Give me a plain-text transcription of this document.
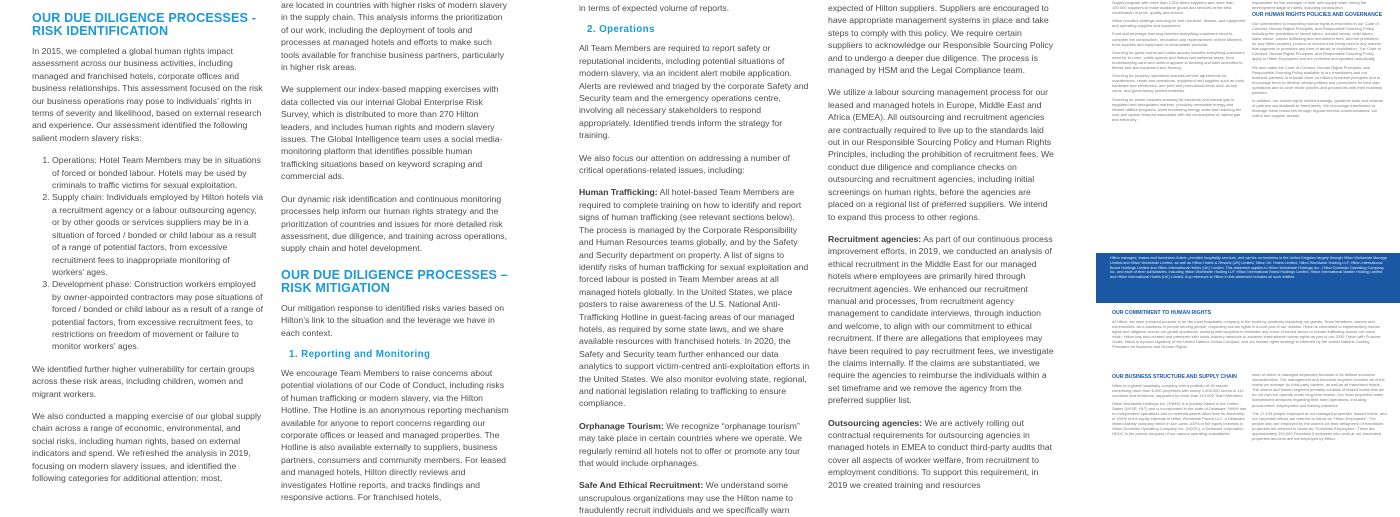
OUR DUE DILIGENCE PROCESSES - RISK IDENTIFICATION

In 2015, we completed a global human rights impact assessment across our business activities, including managed and franchised hotels, corporate offices and business relationships. This assessment focused on the risk our business operations may pose to individuals’ rights in terms of severity and likelihood, based on external research and experience. Our assessment identified the following salient modern slavery risks:

1. Operations: Hotel Team Members may be in situations of forced or bonded labour. Hotels may be used by criminals to traffic victims for sexual exploitation.
2. Supply chain: Individuals employed by Hilton hotels via a recruitment agency or a labour outsourcing agency, or by other goods or services suppliers may be in a situation of forced / bonded or child labour as a result of a range of potential factors, from excessive recruitment fees to inappropriate monitoring of workers’ ages.
3. Development phase: Construction workers employed by owner-appointed contractors may pose situations of forced / bonded or child labour as a result of a range of potential factors, from excessive recruitment fees, to restrictions on freedom of movement or failure to monitor workers’ ages.

We identified further higher vulnerability for certain groups across these risk areas, including children, women and migrant workers.

We also conducted a mapping exercise of our global supply chain across a range of economic, environmental, and social risks, including human rights, based on external indicators and spend. We refreshed the analysis in 2019, focusing on modern slavery issues, and identified the following categories for additional attention: most,

are located in countries with higher risks of modern slavery in the supply chain. This analysis informs the prioritization of our work, including the deployment of tools and processes at managed hotels and efforts to make such tools available for franchise business partners, particularly in higher risk areas.

We supplement our index-based mapping exercises with data collected via our internal Global Enterprise Risk Survey, which is distributed to more than 270 Hilton leaders, and includes human rights and modern slavery issues. The Global Intelligence team uses a social media-monitoring platform that identifies possible human trafficking situations based on keyword scraping and commercial ads.

Our dynamic risk identification and continuous monitoring processes help inform our human rights strategy and the prioritization of countries and issues for more detailed risk assessment, due diligence, and training across operations, supply chain and hotel development.

OUR DUE DILIGENCE PROCESSES – RISK MITIGATION

Our mitigation response to identified risks varies based on Hilton’s link to the situation and the leverage we have in each context.

1. Reporting and Monitoring

We encourage Team Members to raise concerns about potential violations of our Code of Conduct, including risks of human trafficking or modern slavery, via the Hilton Hotline. The Hotline is an anonymous reporting mechanism available for anyone to report concerns regarding our corporate offices or leased and managed properties. The Hotline is also available externally to suppliers, business partners, consumers and community members. For leased and managed hotels, Hilton directly reviews and investigates Hotline reports, and tracks findings and responsive actions. For franchised hotels,

in terms of expected volume of reports.

2. Operations

All Team Members are required to report safety or reputational incidents, including potential situations of modern slavery, via an incident alert mobile application. Alerts are reviewed and triaged by the corporate Safety and Security team and the emergency operations centre, involving all necessary stakeholders to respond appropriately. Identified trends inform the strategy for training.

We also focus our attention on addressing a number of critical operations-related issues, including:

Human Trafficking: All hotel-based Team Members are required to complete training on how to identify and report signs of human trafficking (see relevant sections below). The process is managed by the Corporate Responsibility and Human Resources teams globally, and by the Safety and Security department on property. A list of signs to identify risks of human trafficking for sexual exploitation and forced labour is posted in Team Member areas at all managed hotels globally. In the United States, we place posters to raise awareness of the U.S. National Anti-Trafficking Hotline in guest-facing areas of our managed hotels, as required by some state laws, and we share available resources with franchised hotels. In 2020, the Safety and Security team further enhanced our data analytics to support victim-centred anti-exploitation efforts in the United States. We also monitor evolving state, regional, and national legislation relating to trafficking to ensure compliance.

Orphanage Tourism: We recognize “orphanage tourism” may take place in certain countries where we operate. We regularly remind all hotels not to offer or promote any tour that would include orphanages.

Safe And Ethical Recruitment: We understand some unscrupulous organizations may use the Hilton name to fraudulently recruit individuals and we specifically warn

expected of Hilton suppliers. Suppliers are encouraged to have appropriate management systems in place and take steps to comply with this policy. We require certain suppliers to acknowledge our Responsible Sourcing Policy and to undergo a deeper due diligence. The process is managed by HSM and the Legal Compliance team.

We utilize a labour sourcing management process for our leased and managed hotels in Europe, Middle East and Africa (EMEA). All outsourcing and recruitment agencies are contractually required to live up to the standards laid out in our Responsible Sourcing Policy and Human Rights Principles, including the prohibition of recruitment fees. We conduct due diligence and compliance checks on outsourcing and recruitment agencies, including initial screenings on human rights, before the agencies are placed on a regional list of preferred suppliers. We intend to expand this process to other regions.

Recruitment agencies: As part of our continuous process improvement efforts, in 2019, we conducted an analysis of ethical recruitment in the Middle East for our managed hotels where employees are primarily hired through recruitment agencies. We enhanced our recruitment manual and processes, from recruitment agency management to candidate interviews, through induction and welcome, to align with our commitment to ethical recruitment. If there are allegations that employees may have been required to pay recruitment fees, we investigate the claims internally. If the claims are substantiated, we require the agencies to reimburse the individuals within a set timeframe and we remove the agency from the preferred supplier list.

Outsourcing agencies: We are actively rolling out contractual requirements for outsourcing agencies in managed hotels in EMEA to conduct third-party audits that cover all aspects of worker welfare, from recruitment to employment conditions. To support this requirement, in 2019 we created training and resources

Supply program with more than 1,000 direct suppliers and more than 100,000 suppliers to make available goods and services at the best combination of price, quality and service.

Hilton provides strategic sourcing for both furniture, fixtures, and equipment and operating supplies and equipment.

Food and beverage sourcing includes everything customers need to complete the construction, renovation and replenishment of their kitchens, from supplies and equipment to consumable products.

Sourcing for guest rooms and public spaces includes everything customers need for in-room, public spaces and fitness and wellness areas, from housekeeping carts and uniform apparel to bedding and bath amenities to fitness and spa equipment and flooring.

Sourcing for property operations includes service agreements for maintenance, repair and operations, equipment and supplies such as tools, hardware and electronics, and print and promotional items such as key cards, and guest-facing printed materials.

Sourcing for power includes sourcing for electricity and natural gas in regulated and deregulated markets, providing renewable energy and related utilities programs, while monitoring energy costs and reducing the cost and carbon footprint associated with the consumption of natural gas and electricity.

responsible for the oversight of their own supply chain during the development stage of hotels, including construction.

OUR HUMAN RIGHTS POLICIES AND GOVERNANCE

Our commitment to respecting human rights is enshrined in our Code of Conduct, Human Rights Principles, and Responsible Sourcing Policy, including the prohibition of forced labour, bonded labour, child labour, slave labour, human trafficking and recruitment fees, and the prohibition for any Hilton property, product or service from being used in any manner that supports or promotes any form of abuse or exploitation. The Code of Conduct, Human Rights Principles, and Responsible Sourcing Policy apply to Hilton Employees and are reviewed and updated periodically.

We also make the Code of Conduct, Human Rights Principles, and Responsible Sourcing Policy available to our franchisees and our business partners to educate them on Hilton’s business principles and to encourage them to develop similar policies and procedures for their own operations and to cover those policies and procedures with their business partners.

In addition, our human rights related trainings, guidance tools and network of partners are available to franchisees. We encourage franchisees to leverage these resources through regular internal communications, via online and supplier access.

Hilton manages, leases and franchises hotels, provides hospitality services, and carries on business in the United Kingdom largely through Hilton Worldwide Manage Limited and Hilton Worldwide Limited, as well as Hilton Hotels & Resorts (UK) Limited, Hilton UK Hotels Limited, Hilton Worldwide Holding LLP, Hilton International Brand Holdings Limited and Hilton International Hotels (UK) Limited. This statement applies to Hilton Worldwide Holdings Inc., Hilton Domestic Operating Company Inc. and each of their subsidiaries, including Hilton Worldwide Holding LLP, Hilton International Brand Holdings Limited, Hilton International Master Holding Limited and Hilton International Hotels (UK) Limited. Any reference to Hilton in this statement includes all such entities.
OUR COMMITMENT TO HUMAN RIGHTS

At Hilton, we have a shared purpose to be the most hospitable company in the world by positively impacting our guests, Team Members, owners and communities. As a business of people serving people, respecting human rights is a core part of our mission. Hilton is committed to implementing human rights due diligence across our global operations, working with suppliers to eliminate any forms of forced labour or human trafficking across our value chain. Hilton has also created and partnered with cross-industry networks to advance international human rights as part of our 2030 Travel with Purpose Goals. Hilton is a proud signatory of the United Nations Global Compact, and our human rights strategy is informed by the United Nations Guiding Principles for Business and Human Rights.

OUR BUSINESS STRUCTURE AND SUPPLY CHAIN

Hilton is a global hospitality company with a portfolio of 18 brands comprising more than 6,000 properties with nearly 1,000,000 rooms in 119 countries and territories, supported by more than 410,000 Team Members.

Hilton Worldwide Holdings Inc. (HWHI) is a publicly traded in the United States (NYSE: HLT) and is incorporated in the state of Delaware. HWHI has no independent operations and no material assets other than its ownership of 100% of the equity interests in Hilton Worldwide Parent LLC, a Delaware limited liability company which in turn owns 100% of the equity interests in Hilton Domestic Operating Company Inc. (HDOC), a Delaware corporation. HDOC is the parent company of our various operating subsidiaries.

each of which is managed separately because of its distinct economic characteristics. The management and franchise segment includes all of the hotels we manage for third-party owners, as well as all franchised hotels. The owned and leased segment primarily consists of leased hotels that we do not own but operate under long-term leases. Our hotel properties make independent decisions regarding their hotel operations, including procurement, employment and training practices.

The 17,193 people employed at our managed properties, leased hotels, and our corporate offices are referred to below as “Hilton Employees”. The people who are employed by the owners (or their designees) of franchised properties are referred to below as “Franchise Employees”. There are approximately 200,000 Franchise Employees who work at our franchised properties and who are not employed by Hilton.
